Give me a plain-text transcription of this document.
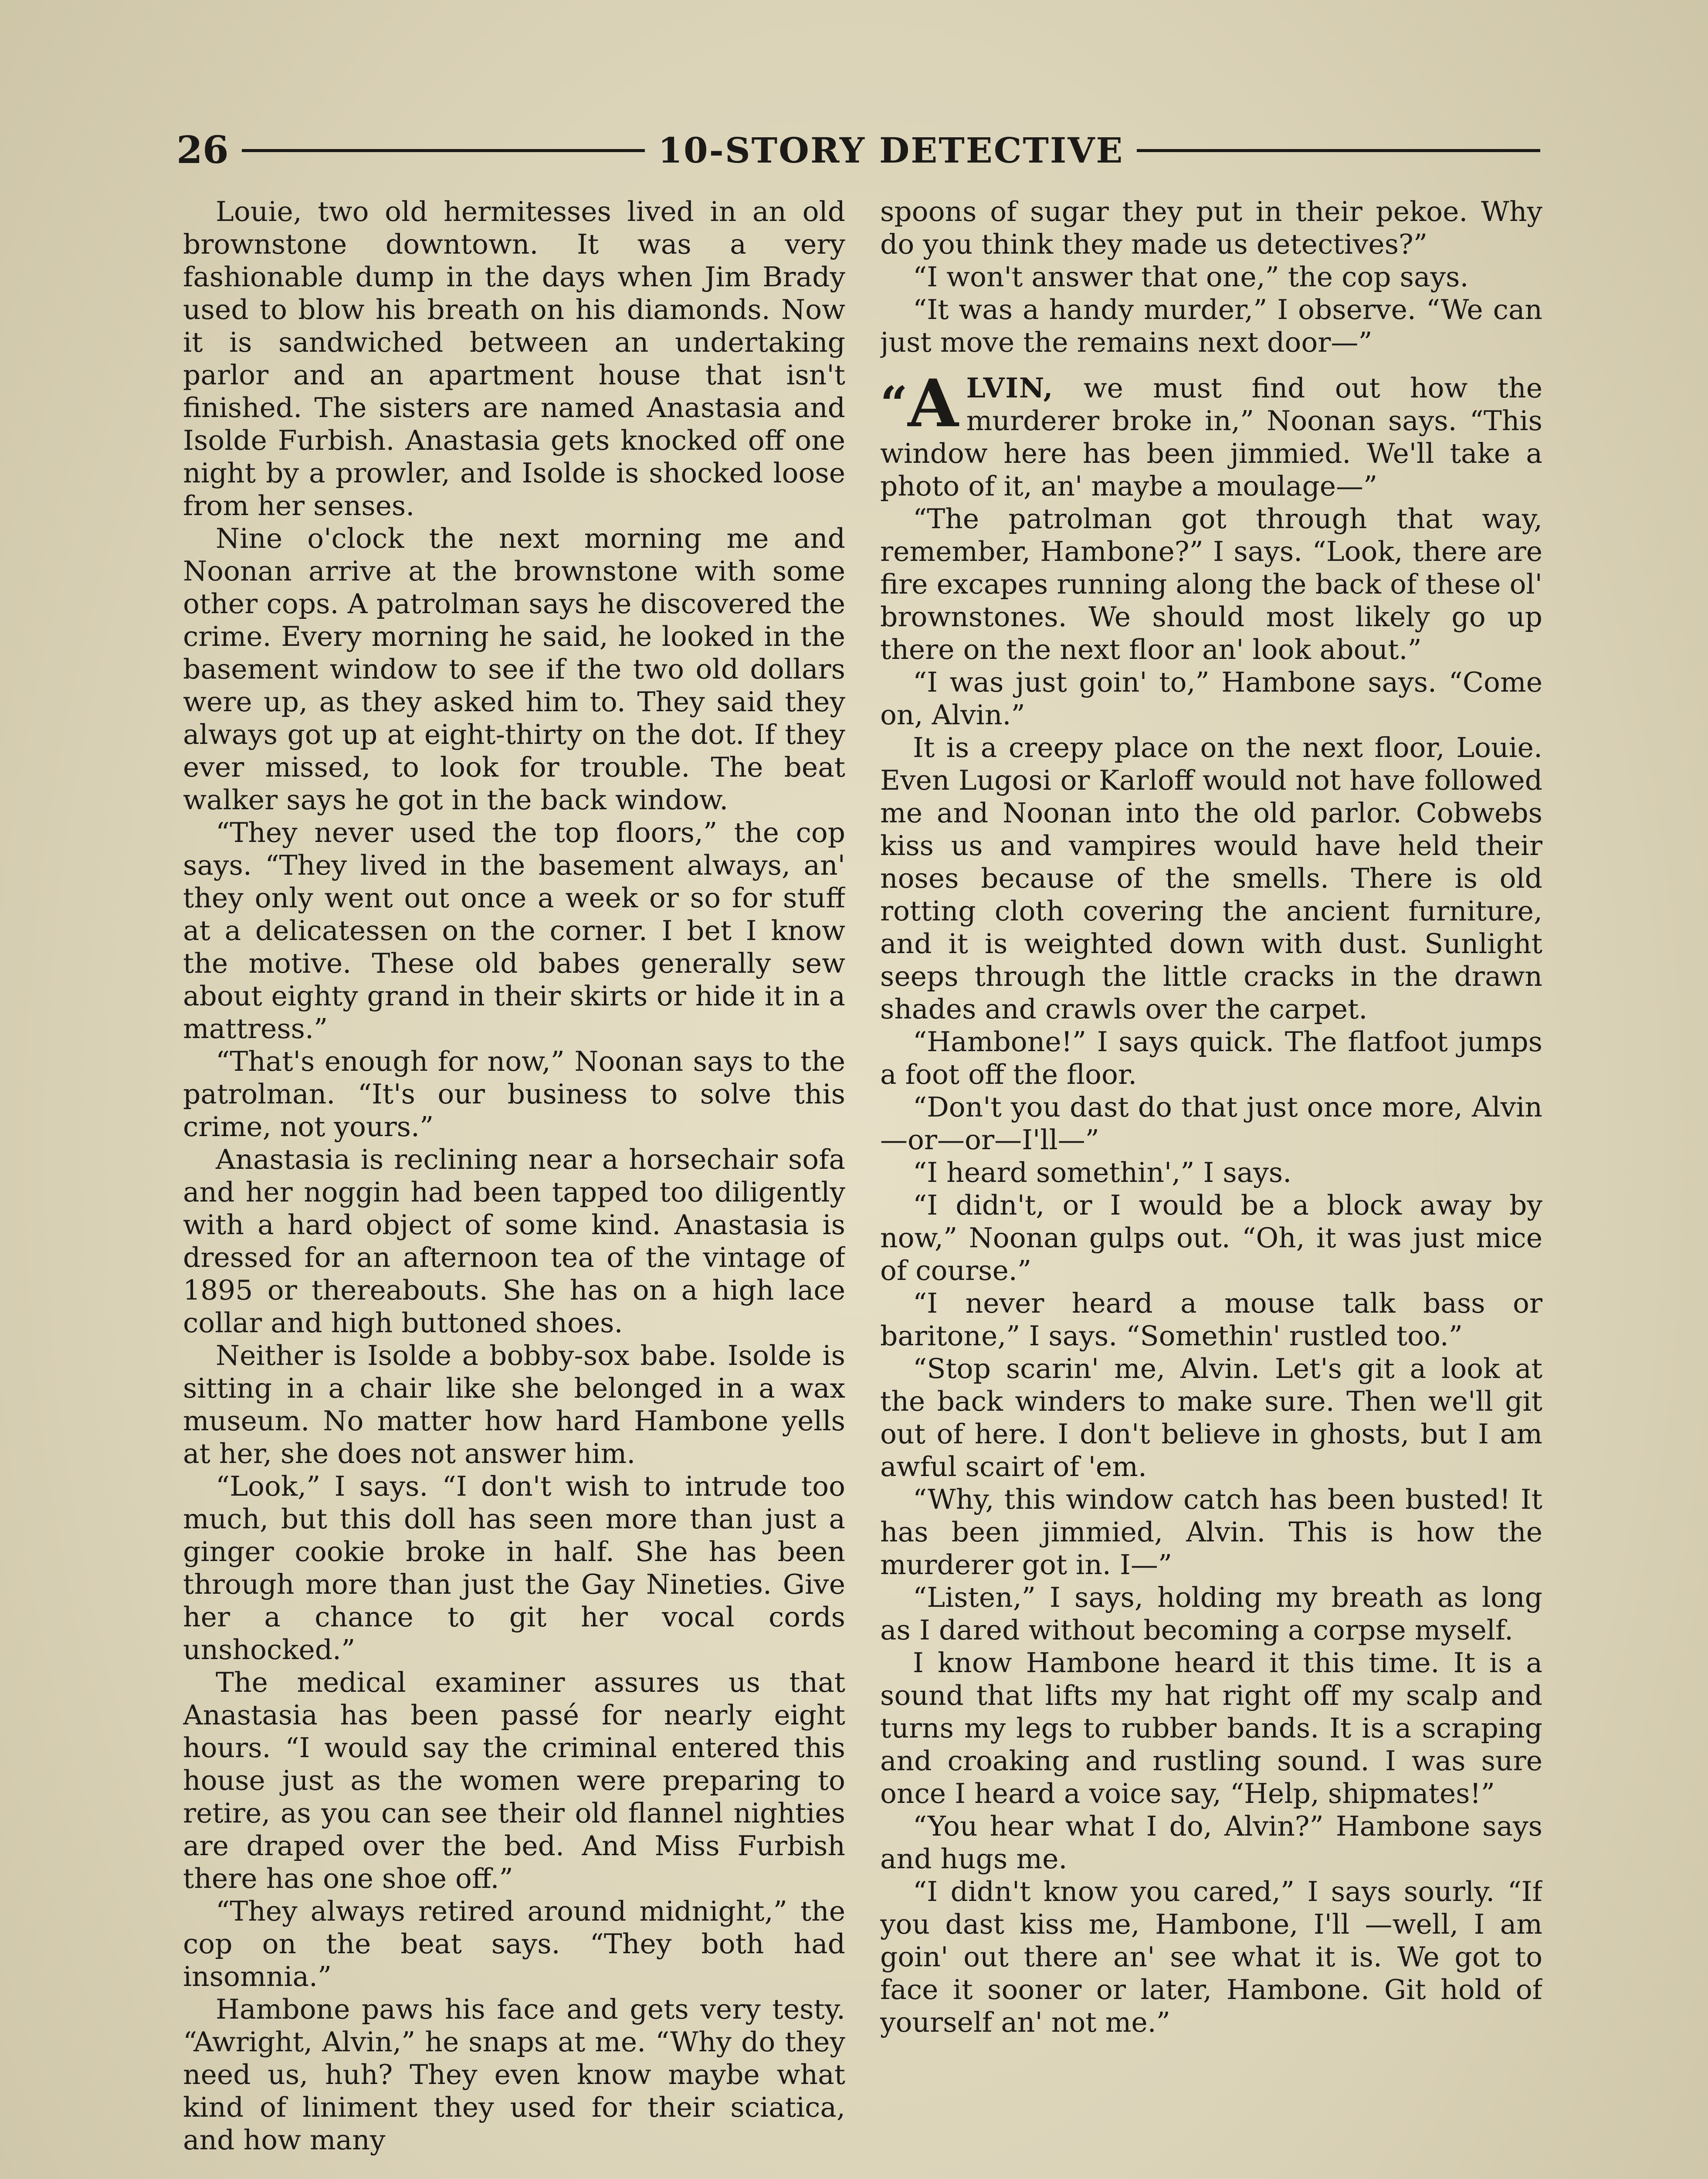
26	10-STORY DETECTIVE

Louie, two old hermitesses lived in an old brownstone downtown. It was a very fashionable dump in the days when Jim Brady used to blow his breath on his diamonds. Now it is sandwiched between an undertaking parlor and an apartment house that isn't finished. The sisters are named Anastasia and Isolde Furbish. Anastasia gets knocked off one night by a prowler, and Isolde is shocked loose from her senses.

Nine o'clock the next morning me and Noonan arrive at the brownstone with some other cops. A patrolman says he discovered the crime. Every morning he said, he looked in the basement window to see if the two old dollars were up, as they asked him to. They said they always got up at eight-thirty on the dot. If they ever missed, to look for trouble. The beat walker says he got in the back window.

“They never used the top floors,” the cop says. “They lived in the basement always, an' they only went out once a week or so for stuff at a delicatessen on the corner. I bet I know the motive. These old babes generally sew about eighty grand in their skirts or hide it in a mattress.”

“That's enough for now,” Noonan says to the patrolman. “It's our business to solve this crime, not yours.”

Anastasia is reclining near a horsechair sofa and her noggin had been tapped too diligently with a hard object of some kind. Anastasia is dressed for an afternoon tea of the vintage of 1895 or thereabouts. She has on a high lace collar and high buttoned shoes.

Neither is Isolde a bobby-sox babe. Isolde is sitting in a chair like she belonged in a wax museum. No matter how hard Hambone yells at her, she does not answer him.

“Look,” I says. “I don't wish to intrude too much, but this doll has seen more than just a ginger cookie broke in half. She has been through more than just the Gay Nineties. Give her a chance to git her vocal cords unshocked.”

The medical examiner assures us that Anastasia has been passé for nearly eight hours. “I would say the criminal entered this house just as the women were preparing to retire, as you can see their old flannel nighties are draped over the bed. And Miss Furbish there has one shoe off.”

“They always retired around midnight,” the cop on the beat says. “They both had insomnia.”

Hambone paws his face and gets very testy. “Awright, Alvin,” he snaps at me. “Why do they need us, huh? They even know maybe what kind of liniment they used for their sciatica, and how many

spoons of sugar they put in their pekoe. Why do you think they made us detectives?”

“I won't answer that one,” the cop says.

“It was a handy murder,” I observe. “We can just move the remains next door—”

“A LVIN, we must find out how the murderer broke in,” Noonan says. “This window here has been jimmied. We'll take a photo of it, an' maybe a moulage—”

“The patrolman got through that way, remember, Hambone?” I says. “Look, there are fire excapes running along the back of these ol' brownstones. We should most likely go up there on the next floor an' look about.”

“I was just goin' to,” Hambone says. “Come on, Alvin.”

It is a creepy place on the next floor, Louie. Even Lugosi or Karloff would not have followed me and Noonan into the old parlor. Cobwebs kiss us and vampires would have held their noses because of the smells. There is old rotting cloth covering the ancient furniture, and it is weighted down with dust. Sunlight seeps through the little cracks in the drawn shades and crawls over the carpet.

“Hambone!” I says quick. The flatfoot jumps a foot off the floor.

“Don't you dast do that just once more, Alvin—or—or—I'll—”

“I heard somethin',” I says.

“I didn't, or I would be a block away by now,” Noonan gulps out. “Oh, it was just mice of course.”

“I never heard a mouse talk bass or baritone,” I says. “Somethin' rustled too.”

“Stop scarin' me, Alvin. Let's git a look at the back winders to make sure. Then we'll git out of here. I don't believe in ghosts, but I am awful scairt of 'em.

“Why, this window catch has been busted! It has been jimmied, Alvin. This is how the murderer got in. I—”

“Listen,” I says, holding my breath as long as I dared without becoming a corpse myself.

I know Hambone heard it this time. It is a sound that lifts my hat right off my scalp and turns my legs to rubber bands. It is a scraping and croaking and rustling sound. I was sure once I heard a voice say, “Help, shipmates!”

“You hear what I do, Alvin?” Hambone says and hugs me.

“I didn't know you cared,” I says sourly. “If you dast kiss me, Hambone, I'll —well, I am goin' out there an' see what it is. We got to face it sooner or later, Hambone. Git hold of yourself an' not me.”
